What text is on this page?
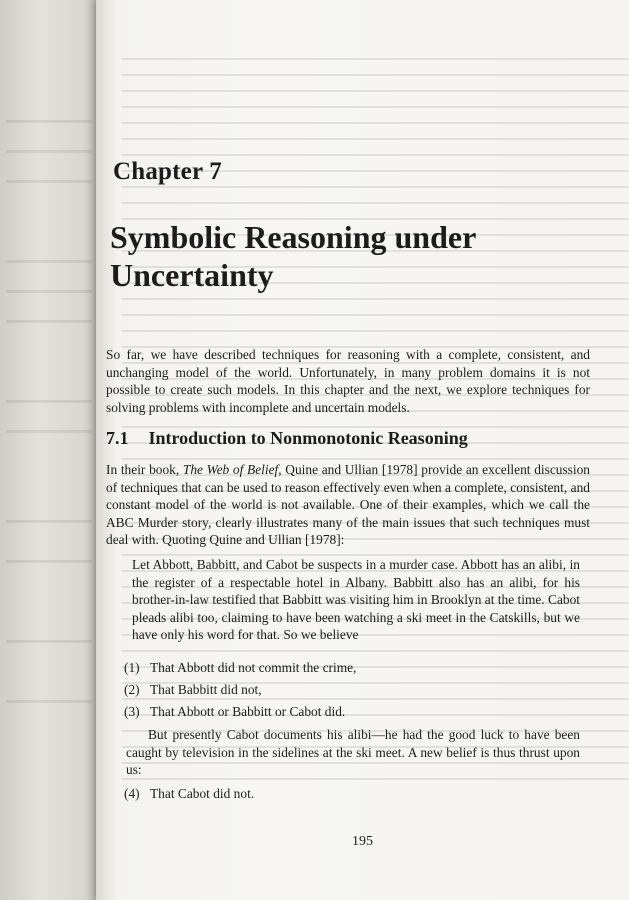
Chapter 7
Symbolic Reasoning under Uncertainty

So far, we have described techniques for reasoning with a complete, consistent, and unchanging model of the world. Unfortunately, in many problem domains it is not possible to create such models. In this chapter and the next, we explore techniques for solving problems with incomplete and uncertain models.

7.1 Introduction to Nonmonotonic Reasoning

In their book, The Web of Belief, Quine and Ullian [1978] provide an excellent discussion of techniques that can be used to reason effectively even when a complete, consistent, and constant model of the world is not available. One of their examples, which we call the ABC Murder story, clearly illustrates many of the main issues that such techniques must deal with. Quoting Quine and Ullian [1978]:

Let Abbott, Babbitt, and Cabot be suspects in a murder case. Abbott has an alibi, in the register of a respectable hotel in Albany. Babbitt also has an alibi, for his brother-in-law testified that Babbitt was visiting him in Brooklyn at the time. Cabot pleads alibi too, claiming to have been watching a ski meet in the Catskills, but we have only his word for that. So we believe

(1) That Abbott did not commit the crime,
(2) That Babbitt did not,
(3) That Abbott or Babbitt or Cabot did.

But presently Cabot documents his alibi—he had the good luck to have been caught by television in the sidelines at the ski meet. A new belief is thus thrust upon us:

(4) That Cabot did not.
195
